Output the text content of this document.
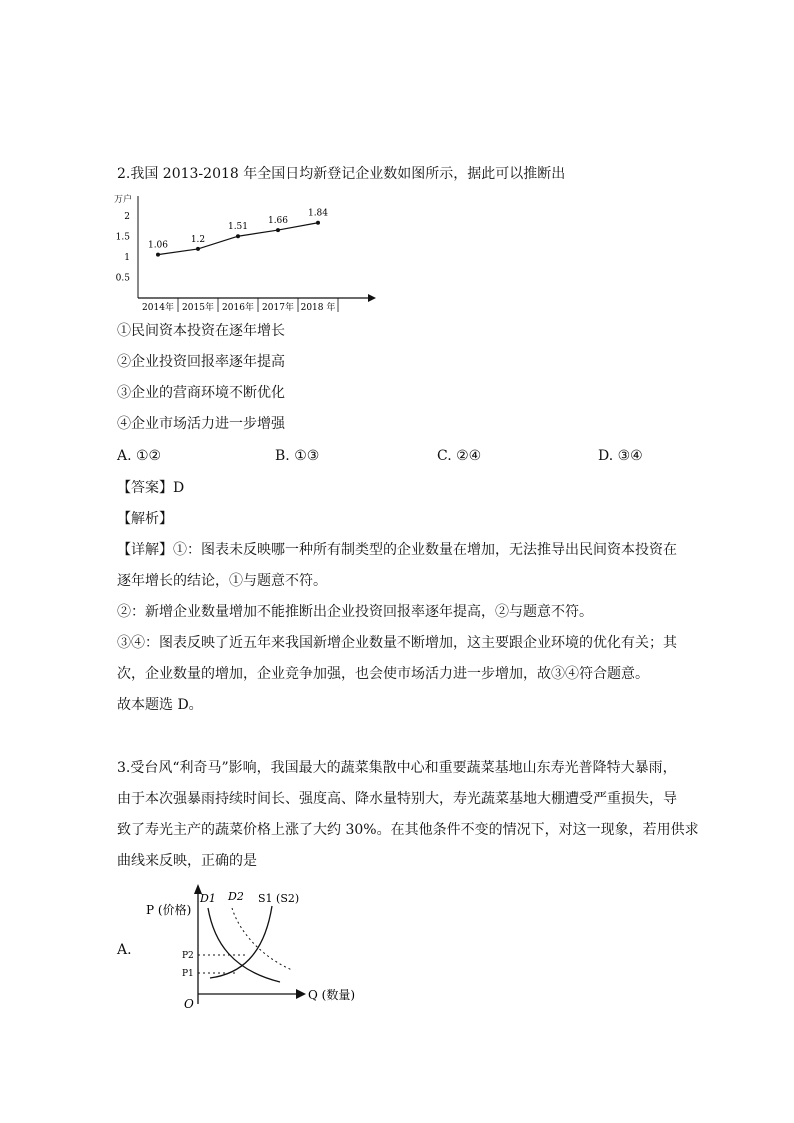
2.我国 2013-2018 年全国日均新登记企业数如图所示，据此可以推断出
万户
2
1.5
1
0.5
2014年 2015年 2016年 2017年 2018 年
1.06
1.2
1.51
1.66
1.84
①民间资本投资在逐年增长
②企业投资回报率逐年提高
③企业的营商环境不断优化
④企业市场活力进一步增强
A. ①②	B. ①③	C. ②④	D. ③④
【答案】D
【解析】
【详解】①：图表未反映哪一种所有制类型的企业数量在增加，无法推导出民间资本投资在
逐年增长的结论，①与题意不符。
②：新增企业数量增加不能推断出企业投资回报率逐年提高，②与题意不符。
③④：图表反映了近五年来我国新增企业数量不断增加，这主要跟企业环境的优化有关；其
次，企业数量的增加，企业竞争加强，也会使市场活力进一步增加，故③④符合题意。
故本题选 D。
3.受台风“利奇马”影响，我国最大的蔬菜集散中心和重要蔬菜基地山东寿光普降特大暴雨，
由于本次强暴雨持续时间长、强度高、降水量特别大，寿光蔬菜基地大棚遭受严重损失，导
致了寿光主产的蔬菜价格上涨了大约 30%。在其他条件不变的情况下，对这一现象，若用供求
曲线来反映，正确的是
A.
P (价格)
Q (数量)
O
D1 D2 S1 (S2)
P2
P1
